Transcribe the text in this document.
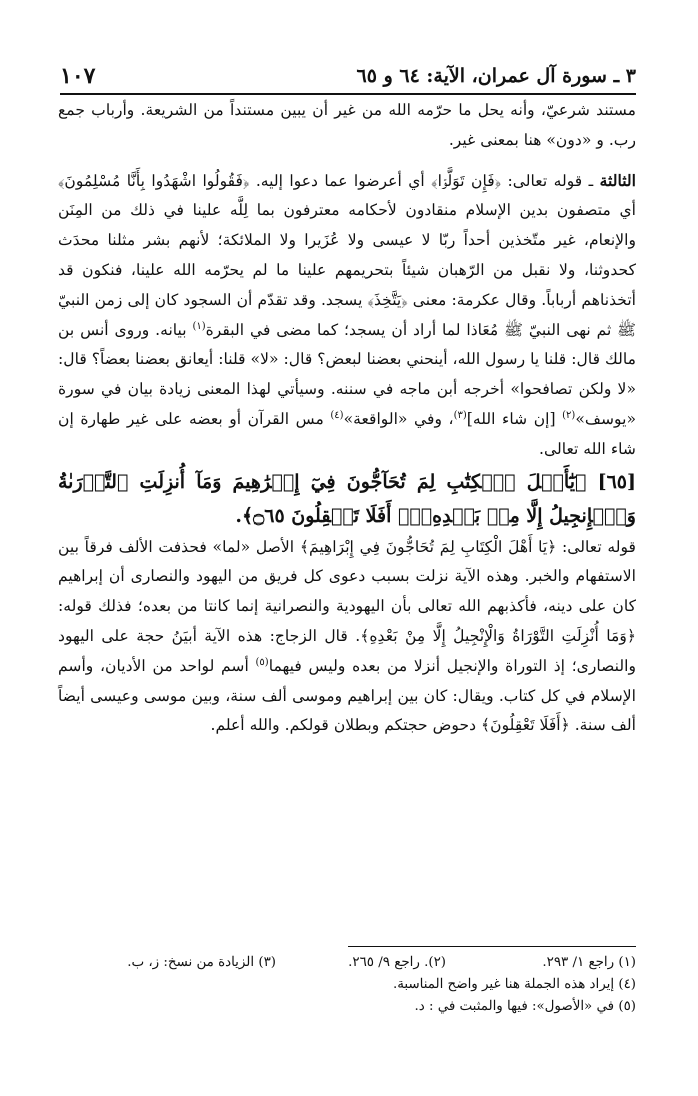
٣ ـ سورة آل عمران، الآية: ٦٤ و ٦٥
١٠٧

مستند شرعيّ، وأنه يحل ما حرّمه الله من غير أن يبين مستنداً من الشريعة. وأرباب جمع رب. و «دون» هنا بمعنى غير.

الثالثة ـ قوله تعالى: ﴿فَإِن تَوَلَّوۡا﴾ أي أعرضوا عما دعوا إليه. ﴿فَقُولُوا اشْهَدُوا بِأَنَّا مُسْلِمُونَ﴾ أي متصفون بدين الإسلام منقادون لأحكامه معترفون بما لِلَّه علينا في ذلك من المِنَن والإنعام، غير متّخذين أحداً ربّا لا عيسى ولا عُزَيرا ولا الملائكة؛ لأنهم بشر مثلنا محدَث كحدوثنا، ولا نقبل من الرّهبان شيئاً بتحريمهم علينا ما لم يحرّمه الله علينا، فنكون قد أتخذناهم أرباباً. وقال عكرمة: معنى ﴿يَتَّخِذَ﴾ يسجد. وقد تقدّم أن السجود كان إلى زمن النبيّ ﷺ ثم نهى النبيّ ﷺ مُعَاذا لما أراد أن يسجد؛ كما مضى في البقرة$^{(١)}$ بيانه. وروى أنس بن مالك قال: قلنا يا رسول الله، أينحني بعضنا لبعض؟ قال: «لا» قلنا: أيعانق بعضنا بعضاً؟ قال: «لا ولكن تصافحوا» أخرجه أبن ماجه في سننه. وسيأتي لهذا المعنى زيادة بيان في سورة «يوسف»$^{(٢)}$ [إن شاء الله]$^{(٣)}$، وفي «الواقعة»$^{(٤)}$ مس القرآن أو بعضه على غير طهارة إن شاء الله تعالى.

[٦٥] ﴿يَٰٓأَهۡلَ ٱلۡكِتَٰبِ لِمَ تُحَآجُّونَ فِيٓ إِبۡرَٰهِيمَ وَمَآ أُنزِلَتِ ٱلتَّوۡرَىٰةُ وَٱلۡإِنجِيلُ إِلَّا مِنۢ بَعۡدِهِۦٓۚ أَفَلَا تَعۡقِلُونَ ۝٦٥﴾.

قوله تعالى: ﴿يَا أَهْلَ الْكِتَابِ لِمَ تُحَاجُّونَ فِي إِبْرَاهِيمَ﴾ الأصل «لما» فحذفت الألف فرقاً بين الاستفهام والخبر. وهذه الآية نزلت بسبب دعوى كل فريق من اليهود والنصارى أن إبراهيم كان على دينه، فأكذبهم الله تعالى بأن اليهودية والنصرانية إنما كانتا من بعده؛ فذلك قوله: ﴿وَمَا أُنْزِلَتِ التَّوْرَاةُ وَالْإِنْجِيلُ إِلَّا مِنْ بَعْدِهِ﴾. قال الزجاج: هذه الآية أبيَنُ حجة على اليهود والنصارى؛ إذ التوراة والإنجيل أنزلا من بعده وليس فيهما$^{(٥)}$ أسم لواحد من الأديان، وأسم الإسلام في كل كتاب. ويقال: كان بين إبراهيم وموسى ألف سنة، وبين موسى وعيسى أيضاً ألف سنة. ﴿أَفَلَا تَعْقِلُونَ﴾ دحوض حجتكم وبطلان قولكم. والله أعلم.

(١) راجع ١/ ٢٩٣.(٢). راجع ٩/ ٢٦٥.(٣) الزيادة من نسخ: ز، ب.
(٤) إيراد هذه الجملة هنا غير واضح المناسبة.
(٥) في «الأصول»: فيها والمثبت في : د.
